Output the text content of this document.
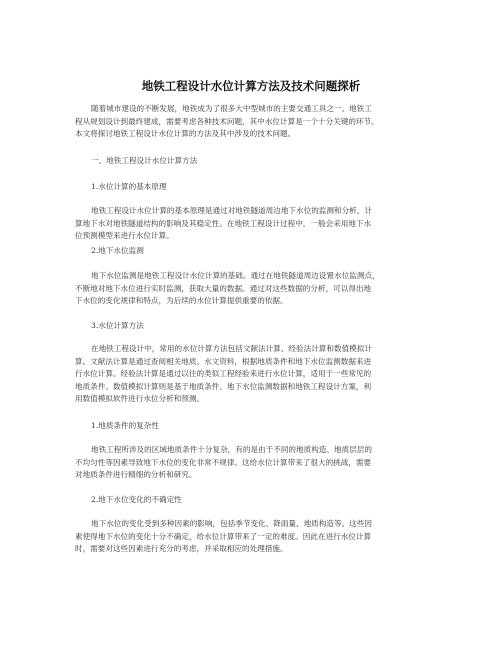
地铁工程设计水位计算方法及技术问题探析
随着城市建设的不断发展，地铁成为了很多大中型城市的主要交通工具之一。地铁工
程从规划设计到最终建成，需要考虑各种技术问题，其中水位计算是一个十分关键的环节。
本文将探讨地铁工程设计水位计算的方法及其中涉及的技术问题。
一、地铁工程设计水位计算方法
1.水位计算的基本原理
地铁工程设计水位计算的基本原理是通过对地铁隧道周边地下水位的监测和分析，计
算地下水对地铁隧道结构的影响及其稳定性。在地铁工程设计过程中，一般会采用地下水
位预测模型来进行水位计算。
2.地下水位监测
地下水位监测是地铁工程设计水位计算的基础。通过在地铁隧道周边设置水位监测点，
不断地对地下水位进行实时监测，获取大量的数据。通过对这些数据的分析，可以得出地
下水位的变化规律和特点，为后续的水位计算提供重要的依据。
3.水位计算方法
在地铁工程设计中，常用的水位计算方法包括文献法计算、经验法计算和数值模拟计
算。文献法计算是通过查阅相关地质、水文资料，根据地质条件和地下水位监测数据来进
行水位计算。经验法计算是通过以往的类似工程经验来进行水位计算，适用于一些常见的
地质条件。数值模拟计算则是基于地质条件、地下水位监测数据和地铁工程设计方案，利
用数值模拟软件进行水位分析和预测。
1.地质条件的复杂性
地铁工程所涉及的区域地质条件十分复杂，有的是由于不同的地质构造、地质层层的
不均匀性等因素导致地下水位的变化非常不规律。这给水位计算带来了很大的挑战，需要
对地质条件进行精细的分析和研究。
2.地下水位变化的不确定性
地下水位的变化受到多种因素的影响，包括季节变化、降雨量、地质构造等。这些因
素使得地下水位的变化十分不确定，给水位计算带来了一定的难度。因此在进行水位计算
时，需要对这些因素进行充分的考虑，并采取相应的处理措施。
